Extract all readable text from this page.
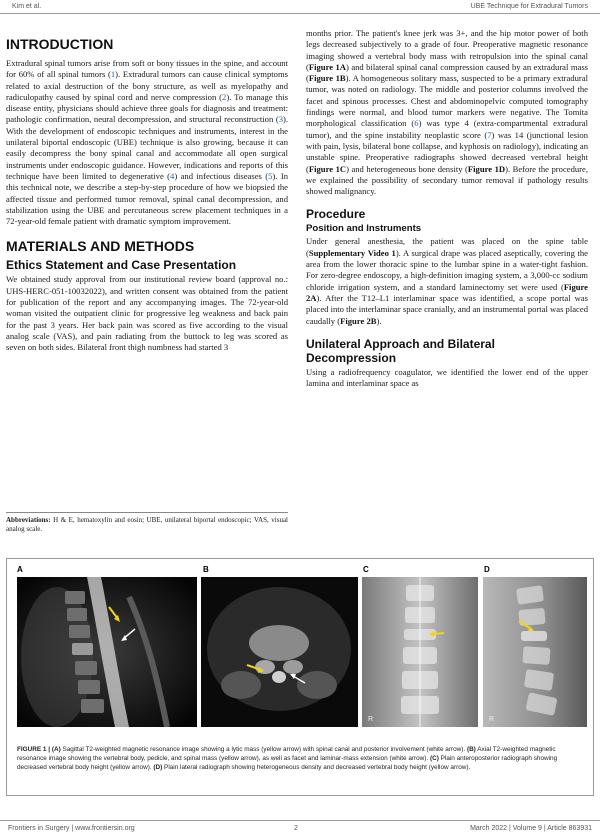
Kim et al.	UBE Technique for Extradural Tumors
INTRODUCTION

Extradural spinal tumors arise from soft or bony tissues in the spine, and account for 60% of all spinal tumors (1). Extradural tumors can cause clinical symptoms related to axial destruction of the bony structure, as well as myelopathy and radiculopathy caused by spinal cord and nerve compression (2). To manage this disease entity, physicians should achieve three goals for diagnosis and treatment: pathologic confirmation, neural decompression, and structural reconstruction (3). With the development of endoscopic techniques and instruments, interest in the unilateral biportal endoscopic (UBE) technique is also growing, because it can easily decompress the bony spinal canal and accommodate all open surgical instruments under endoscopic guidance. However, indications and reports of this technique have been limited to degenerative (4) and infectious diseases (5). In this technical note, we describe a step-by-step procedure of how we biopsied the affected tissue and performed tumor removal, spinal canal decompression, and stabilization using the UBE and percutaneous screw placement techniques in a 72-year-old female patient with dramatic symptom improvement.

MATERIALS AND METHODS
Ethics Statement and Case Presentation

We obtained study approval from our institutional review board (approval no.: UHS-HERC-051-10032022), and written consent was obtained from the patient for publication of the report and any accompanying images. The 72-year-old woman visited the outpatient clinic for progressive leg weakness and back pain for the past 3 years. Her back pain was scored as five according to the visual analog scale (VAS), and pain radiating from the buttock to leg was scored as seven on both sides. Bilateral front thigh numbness had started 3

Abbreviations: H & E, hematoxylin and eosin; UBE, unilateral biportal endoscopic; VAS, visual analog scale.

months prior. The patient's knee jerk was 3+, and the hip motor power of both legs decreased subjectively to a grade of four. Preoperative magnetic resonance imaging showed a vertebral body mass with retropulsion into the spinal canal (Figure 1A) and bilateral spinal canal compression caused by an extradural mass (Figure 1B). A homogeneous solitary mass, suspected to be a primary extradural tumor, was noted on radiology. The middle and posterior columns involved the facet and spinous processes. Chest and abdominopelvic computed tomography findings were normal, and blood tumor markers were negative. The Tomita morphological classification (6) was type 4 (extra-compartmental extradural tumor), and the spine instability neoplastic score (7) was 14 (junctional lesion with pain, lysis, bilateral bone collapse, and kyphosis on radiology), indicating an unstable spine. Preoperative radiographs showed decreased vertebral height (Figure 1C) and heterogeneous bone density (Figure 1D). Before the procedure, we explained the possibility of secondary tumor removal if pathology results showed malignancy.

Procedure
Position and Instruments

Under general anesthesia, the patient was placed on the spine table (Supplementary Video 1). A surgical drape was placed aseptically, covering the area from the lower thoracic spine to the lumbar spine in a water-tight fashion. For zero-degree endoscopy, a high-definition imaging system, a 3,000-cc sodium chloride irrigation system, and a standard laminectomy set were used (Figure 2A). After the T12–L1 interlaminar space was identified, a scope portal was placed into the interlaminar space cranially, and an instrumental portal was placed caudally (Figure 2B).

Unilateral Approach and Bilateral Decompression

Using a radiofrequency coagulator, we identified the lower end of the upper lamina and interlaminar space as

A	B	C	D
R	R
FIGURE 1 | (A) Sagittal T2-weighted magnetic resonance image showing a lytic mass (yellow arrow) with spinal canal and posterior involvement (white arrow). (B) Axial T2-weighted magnetic resonance image showing the vertebral body, pedicle, and spinal mass (yellow arrow), as well as facet and laminar-mass extension (white arrow). (C) Plain anteroposterior radiograph showing decreased vertebral body height (yellow arrow). (D) Plain lateral radiograph showing heterogeneous density and decreased vertebral body height (yellow arrow).
Frontiers in Surgery | www.frontiersin.org	2	March 2022 | Volume 9 | Article 863931
